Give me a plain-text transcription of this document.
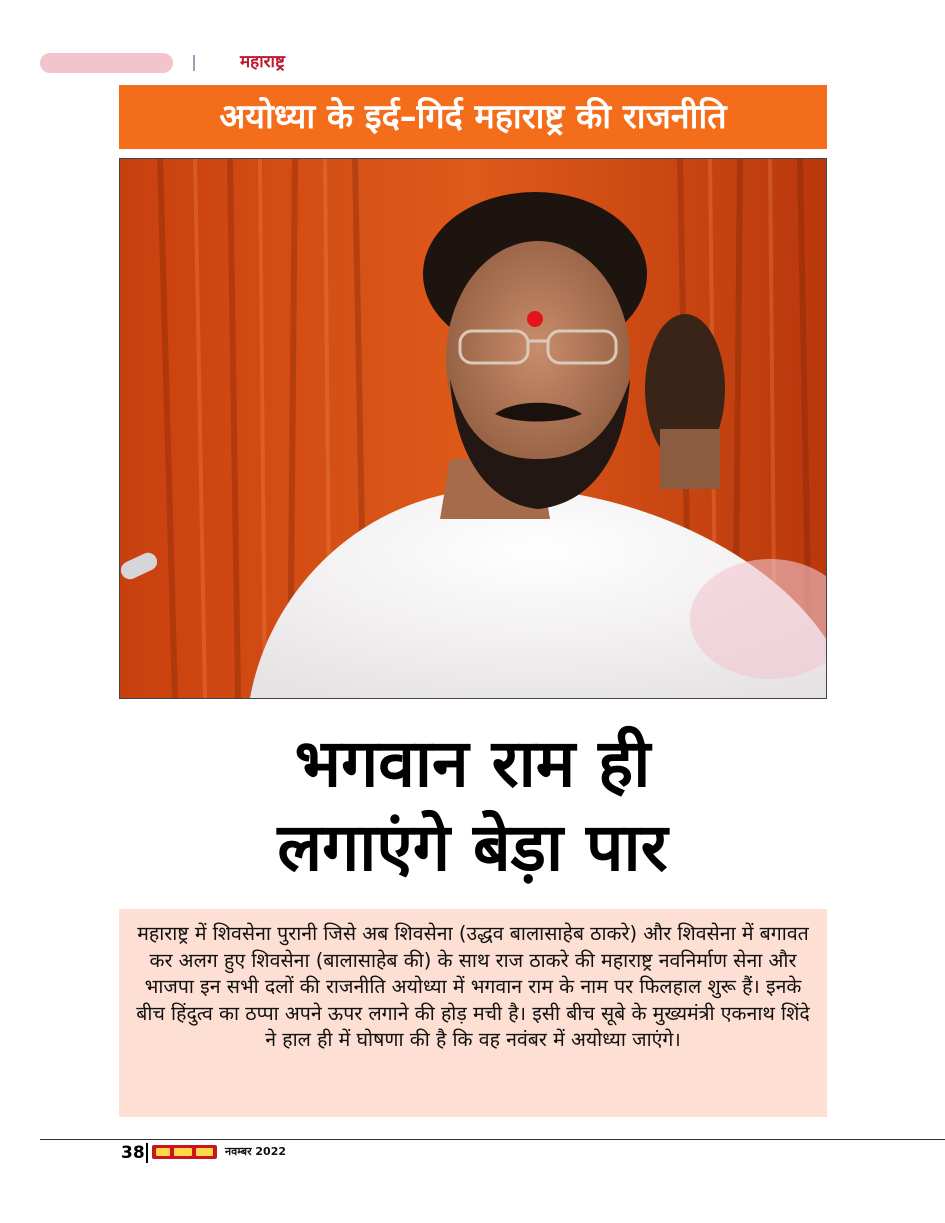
महाराष्ट्र
अयोध्या के इर्द–गिर्द महाराष्ट्र की राजनीति
भगवान राम ही
लगाएंगे बेड़ा पार
महाराष्ट्र में शिवसेना पुरानी जिसे अब शिवसेना (उद्धव बालासाहेब ठाकरे) और शिवसेना में बगावत कर अलग हुए शिवसेना (बालासाहेब की) के साथ राज ठाकरे की महाराष्ट्र नवनिर्माण सेना और भाजपा इन सभी दलों की राजनीति अयोध्या में भगवान राम के नाम पर फिलहाल शुरू हैं। इनके बीच हिंदुत्व का ठप्पा अपने ऊपर लगाने की होड़ मची है। इसी बीच सूबे के मुख्यमंत्री एकनाथ शिंदे ने हाल ही में घोषणा की है कि वह नवंबर में अयोध्या जाएंगे।
38	नवम्बर 2022
